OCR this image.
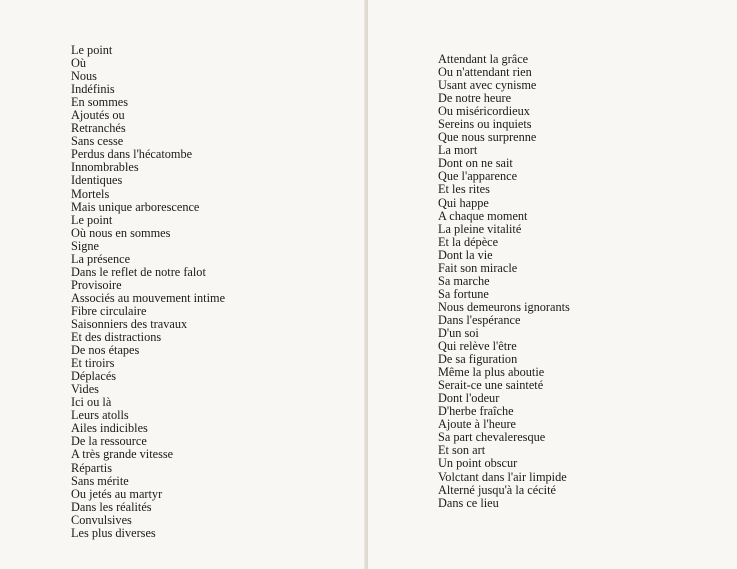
Le point
Où
Nous
Indéfinis
En sommes
Ajoutés ou
Retranchés
Sans cesse
Perdus dans l'hécatombe
Innombrables
Identiques
Mortels
Mais unique arborescence
Le point
Où nous en sommes
Signe
La présence
Dans le reflet de notre falot
Provisoire
Associés au mouvement intime
Fibre circulaire
Saisonniers des travaux
Et des distractions
De nos étapes
Et tiroirs
Déplacés
Vides
Ici ou là
Leurs atolls
Ailes indicibles
De la ressource
A très grande vitesse
Répartis
Sans mérite
Ou jetés au martyr
Dans les réalités
Convulsives
Les plus diverses
Attendant la grâce
Ou n'attendant rien
Usant avec cynisme
De notre heure
Ou miséricordieux
Sereins ou inquiets
Que nous surprenne
La mort
Dont on ne sait
Que l'apparence
Et les rites
Qui happe
A chaque moment
La pleine vitalité
Et la dépèce
Dont la vie
Fait son miracle
Sa marche
Sa fortune
Nous demeurons ignorants
Dans l'espérance
D'un soi
Qui relève l'être
De sa figuration
Même la plus aboutie
Serait-ce une sainteté
Dont l'odeur
D'herbe fraîche
Ajoute à l'heure
Sa part chevaleresque
Et son art
Un point obscur
Volctant dans l'air limpide
Alterné jusqu'à la cécité
Dans ce lieu
